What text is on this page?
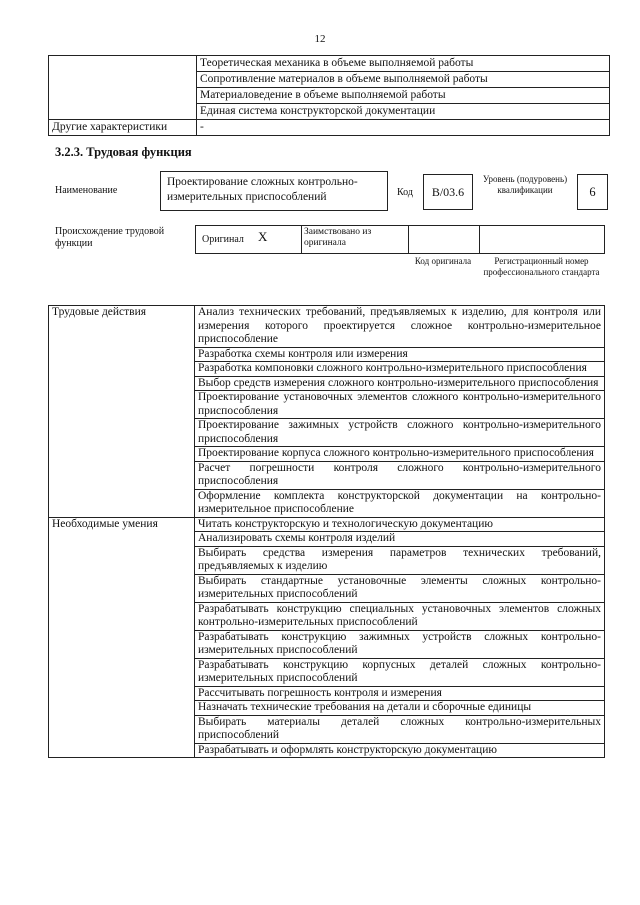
12
	Теоретическая механика в объеме выполняемой работы
	Сопротивление материалов в объеме выполняемой работы
	Материаловедение в объеме выполняемой работы
	Единая система конструкторской документации
Другие характеристики	-
3.2.3. Трудовая функция
Наименование
Проектирование сложных контрольно-измерительных приспособлений	Код	B/03.6
Уровень (подуровень) квалификации	6
Происхождение трудовой функции	Оригинал X	Заимствовано из оригинала
Код оригинала	Регистрационный номер профессионального стандарта
Трудовые действия	Анализ технических требований, предъявляемых к изделию, для контроля или измерения которого проектируется сложное контрольно-измерительное приспособление
	Разработка схемы контроля или измерения
	Разработка компоновки сложного контрольно-измерительного приспособления
	Выбор средств измерения сложного контрольно-измерительного приспособления
	Проектирование установочных элементов сложного контрольно-измерительного приспособления
	Проектирование зажимных устройств сложного контрольно-измерительного приспособления
	Проектирование корпуса сложного контрольно-измерительного приспособления
	Расчет погрешности контроля сложного контрольно-измерительного приспособления
	Оформление комплекта конструкторской документации на контрольно-измерительное приспособление
Необходимые умения	Читать конструкторскую и технологическую документацию
	Анализировать схемы контроля изделий
	Выбирать средства измерения параметров технических требований, предъявляемых к изделию
	Выбирать стандартные установочные элементы сложных контрольно-измерительных приспособлений
	Разрабатывать конструкцию специальных установочных элементов сложных контрольно-измерительных приспособлений
	Разрабатывать конструкцию зажимных устройств сложных контрольно-измерительных приспособлений
	Разрабатывать конструкцию корпусных деталей сложных контрольно-измерительных приспособлений
	Рассчитывать погрешность контроля и измерения
	Назначать технические требования на детали и сборочные единицы
	Выбирать материалы деталей сложных контрольно-измерительных приспособлений
	Разрабатывать и оформлять конструкторскую документацию
